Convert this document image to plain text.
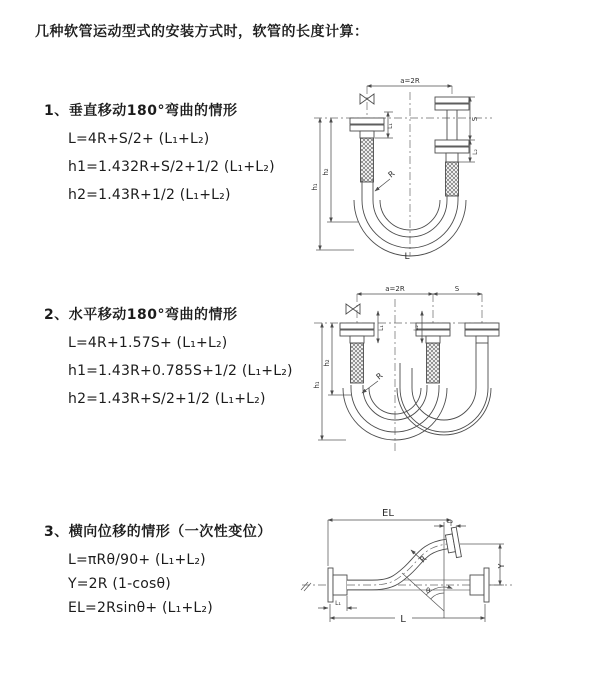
几种软管运动型式的安装方式时，软管的长度计算：
1、垂直移动180°弯曲的情形
L=4R+S/2+ (L₁+L₂)
h1=1.432R+S/2+1/2 (L₁+L₂)
h2=1.43R+1/2 (L₁+L₂)
2、水平移动180°弯曲的情形
L=4R+1.57S+ (L₁+L₂)
h1=1.43R+0.785S+1/2 (L₁+L₂)
h2=1.43R+S/2+1/2 (L₁+L₂)
3、横向位移的情形（一次性变位）
L=πRθ/90+ (L₁+L₂)
Y=2R (1-cosθ)
EL=2Rsinθ+ (L₁+L₂)
a=2R
h₁
h₂
L₁
S
L₂
R
L
a=2R	S
h₁
h₂
L₁	L₂
R
θ
EL
L₂
Y
R
L₁
L
